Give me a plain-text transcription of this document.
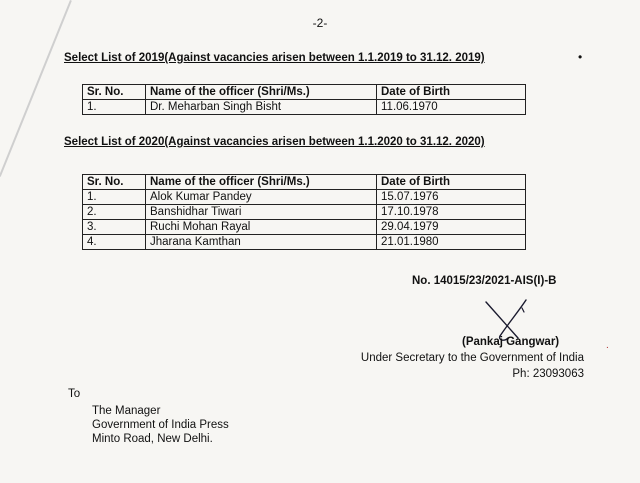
-2-
Select List of 2019(Against vacancies arisen between 1.1.2019 to 31.12. 2019)	•
Sr. No.	Name of the officer (Shri/Ms.)	Date of Birth
1.	Dr. Meharban Singh Bisht	11.06.1970
Select List of 2020(Against vacancies arisen between 1.1.2020 to 31.12. 2020)
Sr. No.	Name of the officer (Shri/Ms.)	Date of Birth
1.	Alok Kumar Pandey	15.07.1976
2.	Banshidhar Tiwari	17.10.1978
3.	Ruchi Mohan Rayal	29.04.1979
4.	Jharana Kamthan	21.01.1980
No. 14015/23/2021-AIS(I)-B
(Pankaj Gangwar)
Under Secretary to the Government of India
Ph: 23093063
.
To
The Manager
Government of India Press
Minto Road, New Delhi.
